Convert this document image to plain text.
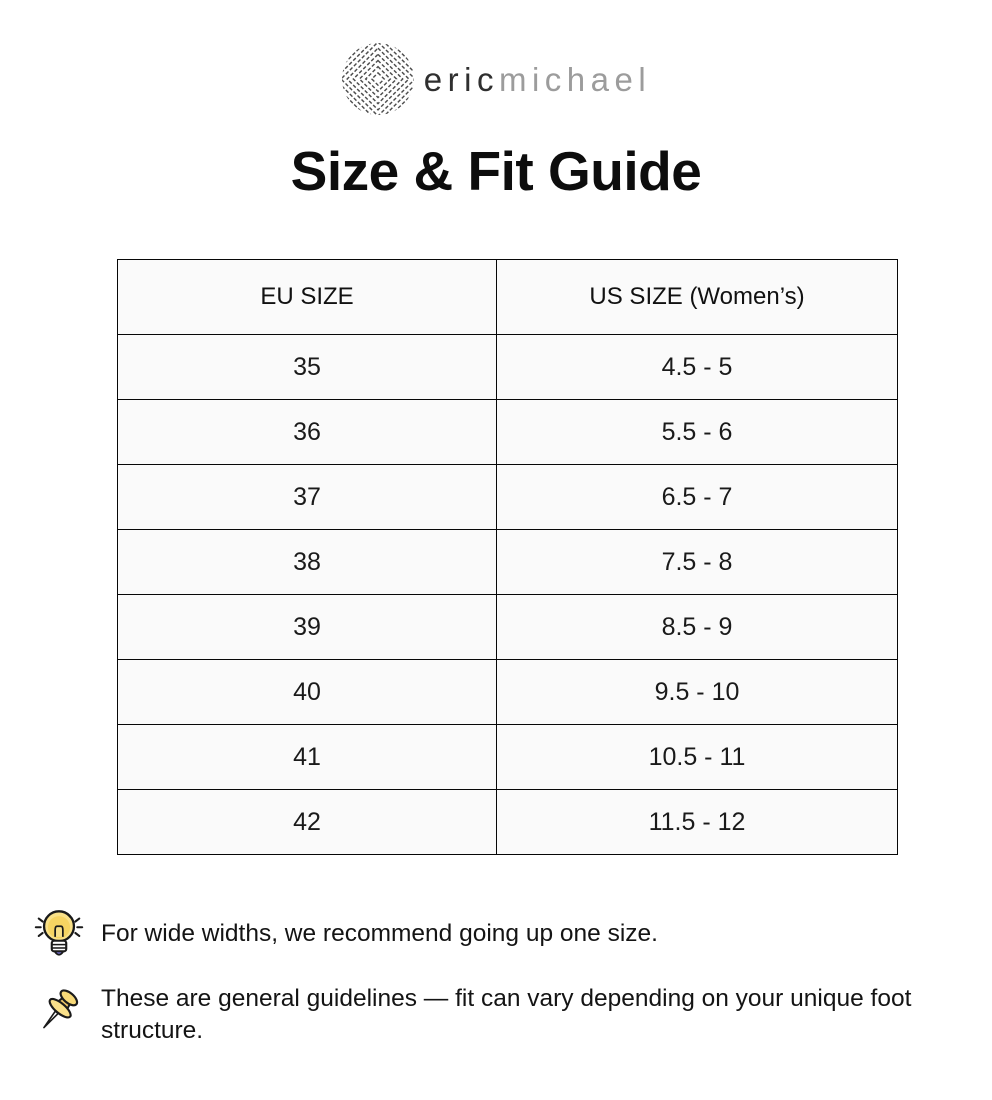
ericmichael
Size & Fit Guide
EU SIZE	US SIZE (Women’s)
35	4.5 - 5
36	5.5 - 6
37	6.5 - 7
38	7.5 - 8
39	8.5 - 9
40	9.5 - 10
41	10.5 - 11
42	11.5 - 12

For wide widths, we recommend going up one size.

These are general guidelines — fit can vary depending on your unique foot structure.
